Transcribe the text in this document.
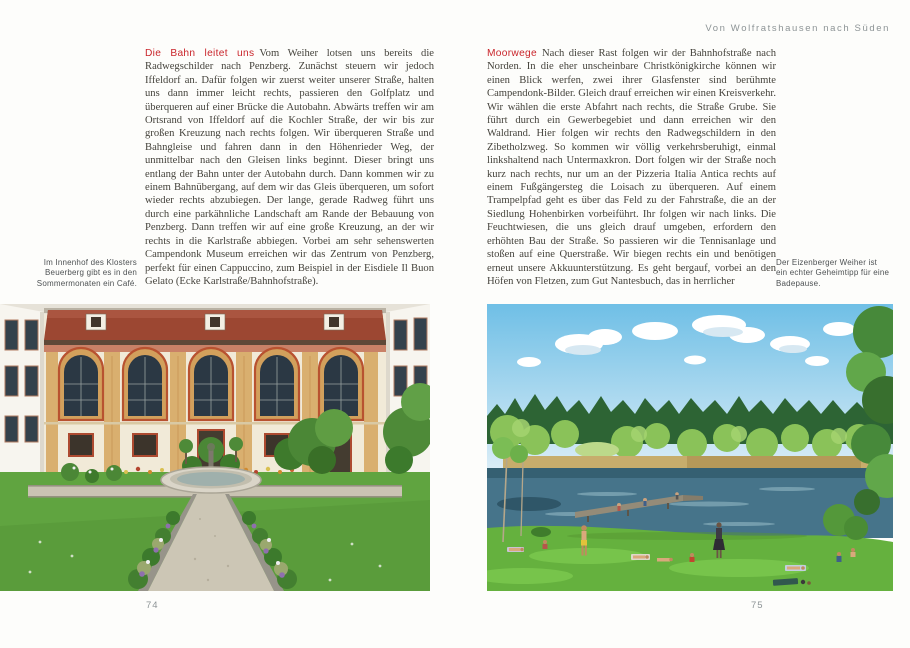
Von Wolfratshausen nach Süden
Im Innenhof des Klosters Beuerberg gibt es in den Sommermonaten ein Café.

Die Bahn leitet uns Vom Weiher lotsen uns bereits die Radwegschilder nach Penzberg. Zunächst steuern wir jedoch Iffeldorf an. Dafür folgen wir zuerst weiter unserer Straße, halten uns dann immer leicht rechts, passieren den Golfplatz und überqueren auf einer Brücke die Autobahn. Abwärts treffen wir am Ortsrand von Iffeldorf auf die Kochler Straße, der wir bis zur großen Kreuzung nach rechts folgen. Wir überqueren Straße und Bahngleise und fahren dann in den Höhenrieder Weg, der unmittelbar nach den Gleisen links beginnt. Dieser bringt uns entlang der Bahn unter der Autobahn durch. Dann kommen wir zu einem Bahnübergang, auf dem wir das Gleis überqueren, um sofort wieder rechts abzubiegen. Der lange, gerade Radweg führt uns durch eine parkähnliche Landschaft am Rande der Bebauung von Penzberg. Dann treffen wir auf eine große Kreuzung, an der wir rechts in die Karlstraße abbiegen. Vorbei am sehr sehenswerten Campendonk Museum erreichen wir das Zentrum von Penzberg, perfekt für einen Cappuccino, zum Beispiel in der Eisdiele Il Buon Gelato (Ecke Karlstraße/Bahnhofstraße).

Moorwege Nach dieser Rast folgen wir der Bahnhofstraße nach Norden. In die eher unscheinbare Christkönigkirche können wir einen Blick werfen, zwei ihrer Glasfenster sind berühmte Campendonk-Bilder. Gleich drauf erreichen wir einen Kreisverkehr. Wir wählen die erste Abfahrt nach rechts, die Straße Grube. Sie führt durch ein Gewerbegebiet und dann erreichen wir den Waldrand. Hier folgen wir rechts den Radwegschildern in den Zibetholzweg. So kommen wir völlig verkehrsberuhigt, einmal linkshaltend nach Untermaxkron. Dort folgen wir der Straße noch kurz nach rechts, nur um an der Pizzeria Italia Antica rechts auf einem Fußgängersteg die Loisach zu überqueren. Auf einem Trampelpfad geht es über das Feld zu der Fahrstraße, die an der Siedlung Hohenbirken vorbeiführt. Ihr folgen wir nach links. Die Feuchtwiesen, die uns gleich drauf umgeben, erfordern den erhöhten Bau der Straße. So passieren wir die Tennisanlage und stoßen auf eine Querstraße. Wir biegen rechts ein und benötigen erneut unsere Akkuunterstützung. Es geht bergauf, vorbei an den Höfen von Fletzen, zum Gut Nantesbuch, das in herrlicher

Der Eizenberger Weiher ist ein echter Geheimtipp für eine Badepause.
74	75
